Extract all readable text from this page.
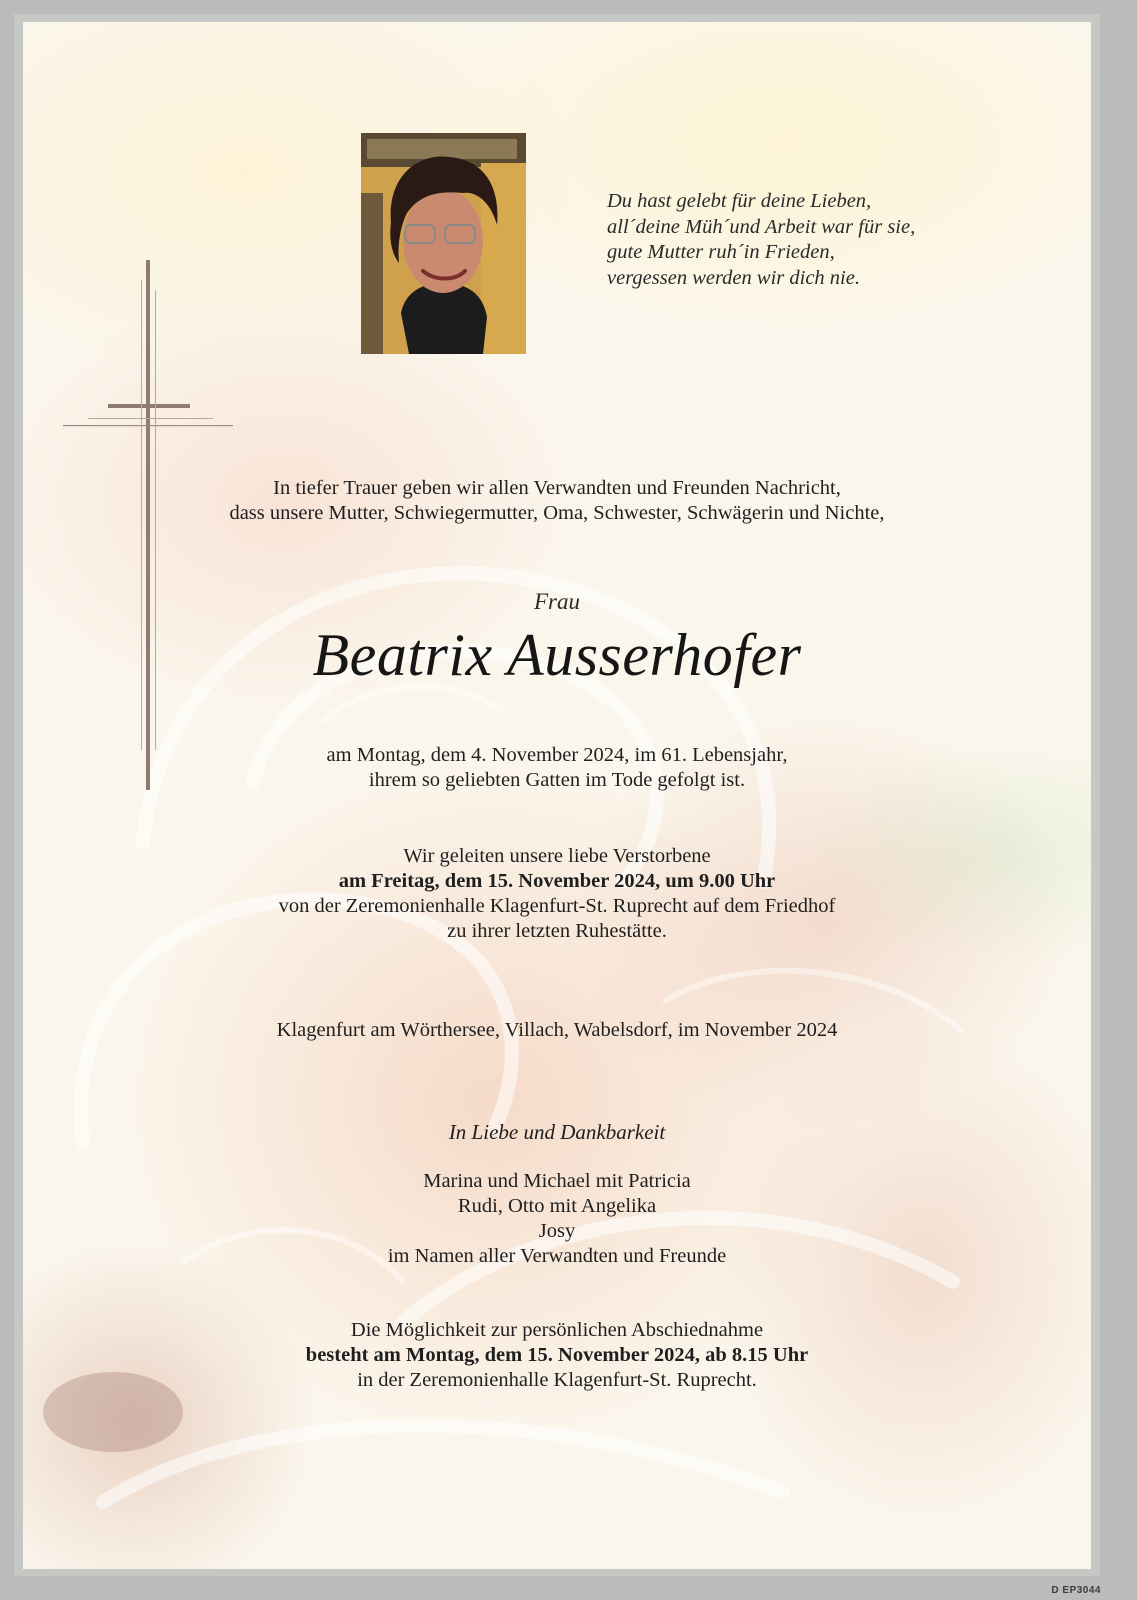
Du hast gelebt für deine Lieben,
all´deine Müh´und Arbeit war für sie,
gute Mutter ruh´in Frieden,
vergessen werden wir dich nie.
In tiefer Trauer geben wir allen Verwandten und Freunden Nachricht,
dass unsere Mutter, Schwiegermutter, Oma, Schwester, Schwägerin und Nichte,
Frau
Beatrix Ausserhofer
am Montag, dem 4. November 2024, im 61. Lebensjahr,
ihrem so geliebten Gatten im Tode gefolgt ist.
Wir geleiten unsere liebe Verstorbene
am Freitag, dem 15. November 2024, um 9.00 Uhr
von der Zeremonienhalle Klagenfurt-St. Ruprecht auf dem Friedhof
zu ihrer letzten Ruhestätte.
Klagenfurt am Wörthersee, Villach, Wabelsdorf, im November 2024
In Liebe und Dankbarkeit
Marina und Michael mit Patricia
Rudi, Otto mit Angelika
Josy
im Namen aller Verwandten und Freunde
Die Möglichkeit zur persönlichen Abschiednahme
besteht am Montag, dem 15. November 2024, ab 8.15 Uhr
in der Zeremonienhalle Klagenfurt-St. Ruprecht.
D EP3044
